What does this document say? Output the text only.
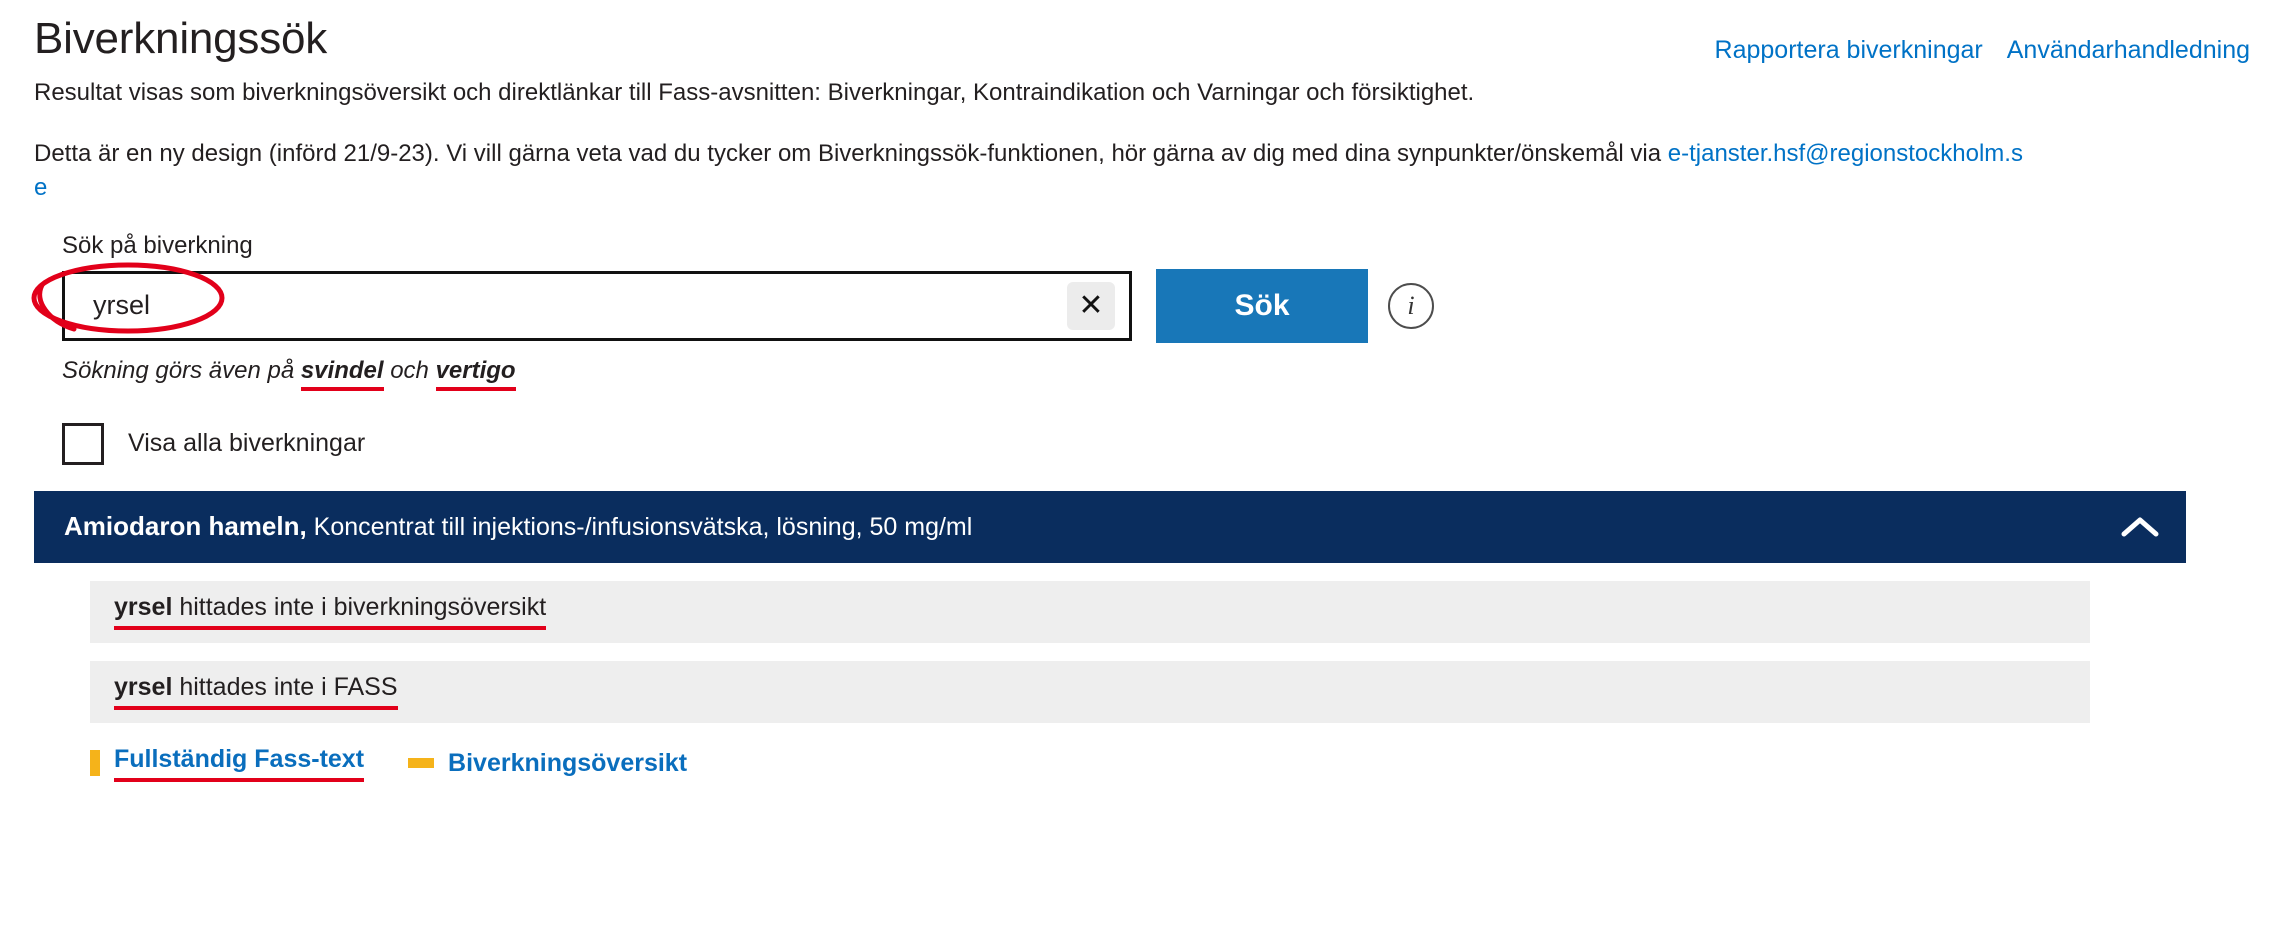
Biverkningssök	Rapportera biverkningar Användarhandledning

Resultat visas som biverkningsöversikt och direktlänkar till Fass-avsnitten: Biverkningar, Kontraindikation och Varningar och försiktighet.

Detta är en ny design (införd 21/9-23). Vi vill gärna veta vad du tycker om Biverkningssök-funktionen, hör gärna av dig med dina synpunkter/önskemål via e-tjanster.hsf@regionstockholm.se

Sök på biverkning
yrsel
✕	Sök	i
Sökning görs även på svindel och vertigo
Visa alla biverkningar
Amiodaron hameln, Koncentrat till injektions-/infusionsvätska, lösning, 50 mg/ml
yrsel hittades inte i biverkningsöversikt
yrsel hittades inte i FASS
Fullständig Fass-text	Biverkningsöversikt
